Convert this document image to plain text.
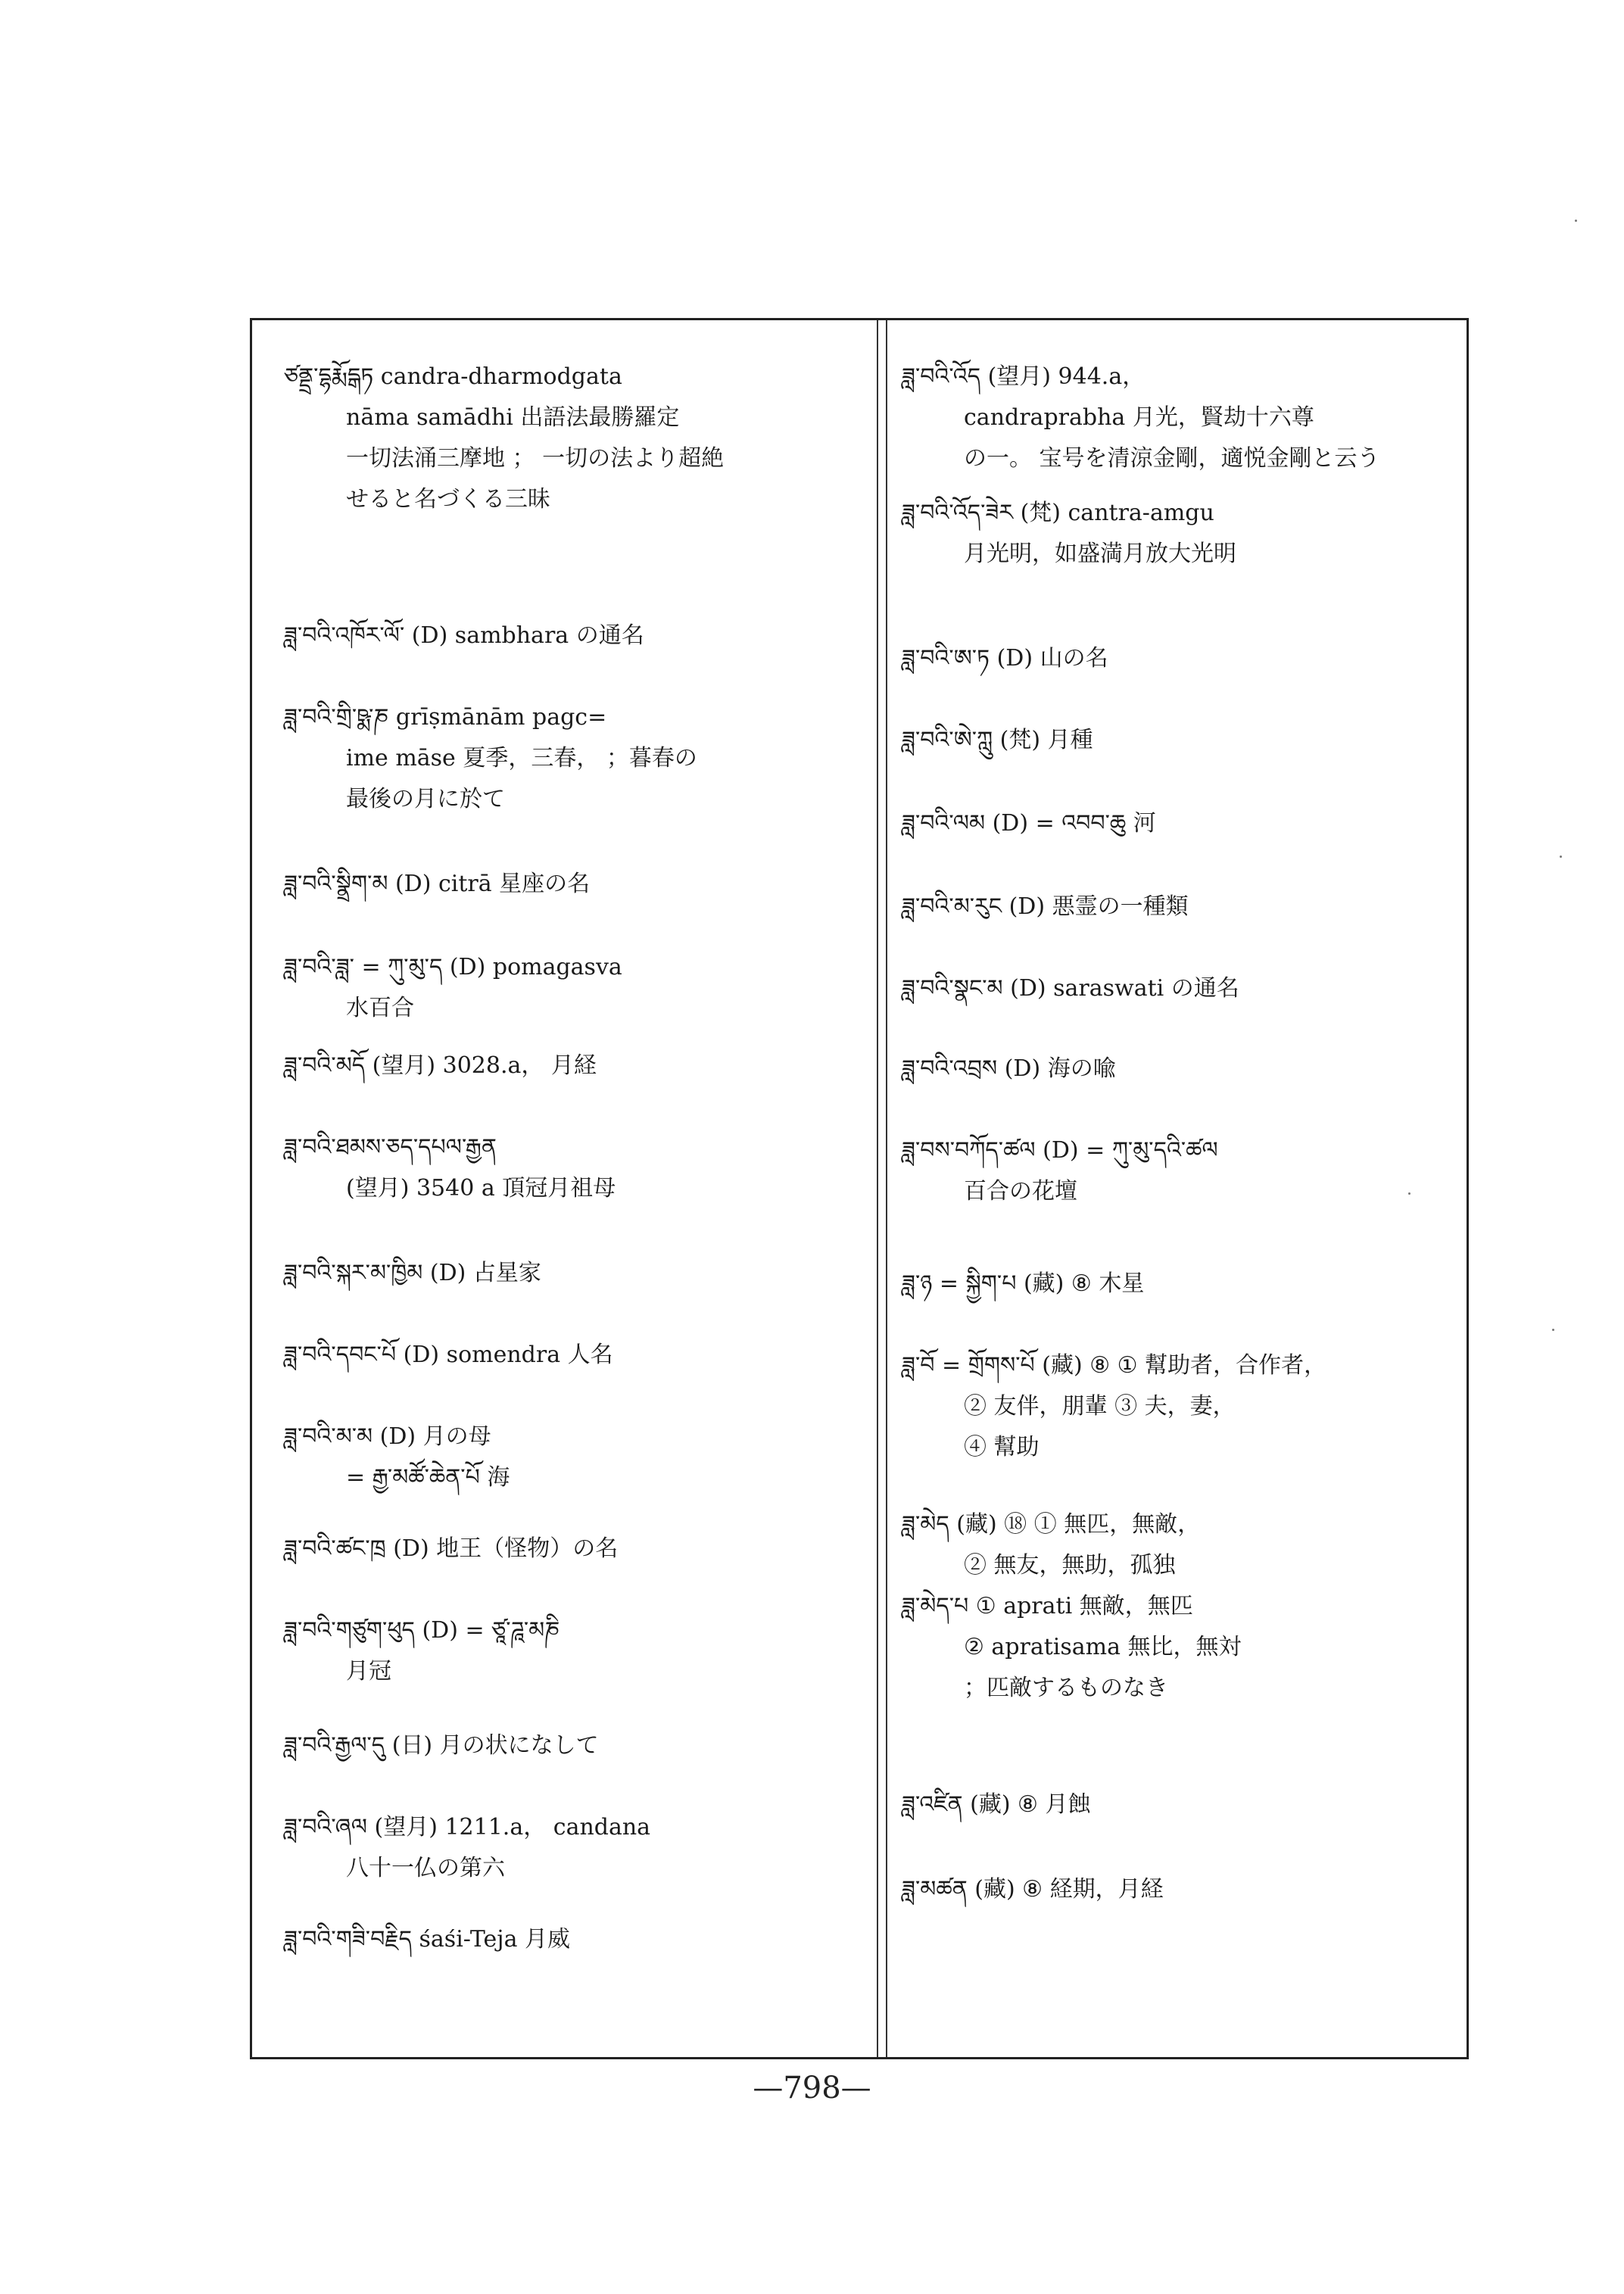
ཙནྡྲ་དྷརྨོདྒཏ candra-dharmodgata
nāma samādhi 出語法最勝羅定
一切法涌三摩地 ； 一切の法より超絶
せると名づくる三昧
ཟླ་བའི་འཁོར་ལོ་ (D) sambhara の通名
ཟླ་བའི་གྲི་ཥྨ་ཎ grīṣmānām pagc=
ime māse 夏季，三春， ；暮春の
最後の月に於て
ཟླ་བའི་སྣྲིག་མ (D) citrā 星座の名
ཟླ་བའི་ཟླ་ = ཀུ་མུ་ད (D) pomagasva
水百合
ཟླ་བའི་མདོ (望月) 3028.a， 月経
ཟླ་བའི་ཐམས་ཅད་དཔལ་རྒྱན
(望月) 3540 a 頂冠月祖母
ཟླ་བའི་སྐར་མ་ཁྱིམ (D) 占星家
ཟླ་བའི་དབང་པོ (D) somendra 人名
ཟླ་བའི་མ་མ (D) 月の母
= རྒྱ་མཚོ་ཆེན་པོ 海
ཟླ་བའི་ཚང་ཁྲ (D) 地王（怪物）の名
ཟླ་བའི་གཙུག་ཕུད (D) = ཙཱ་ཌཱ་མཎི
月冠
ཟླ་བའི་རྒྱལ་དུ (日) 月の状になして
ཟླ་བའི་ཞལ (望月) 1211.a， candana
八十一仏の第六
ཟླ་བའི་གཟི་བརྗིད śaśi-Teja 月威
ཟླ་བའི་འོད (望月) 944.a，
candraprabha 月光，賢劫十六尊
の一。 宝号を清涼金剛，適悦金剛と云う
ཟླ་བའི་འོད་ཟེར (梵) cantra-amgu
月光明，如盛満月放大光明
ཟླ་བའི་ཨ་ཏ (D) 山の名
ཟླ་བའི་ཨེ་ཀླུ (梵) 月種
ཟླ་བའི་ལམ (D) = འབབ་ཆུ 河
ཟླ་བའི་མ་རུང (D) 悪霊の一種類
ཟླ་བའི་སྣང་མ (D) saraswati の通名
ཟླ་བའི་འབྲས (D) 海の喩
ཟླ་བས་བཀོད་ཚལ (D) = ཀུ་མུ་དའི་ཚལ
百合の花壇
ཟླ་ཉ = སྐྱིག་པ (藏) ⑧ 木星
ཟླ་བོ = གྲོགས་པོ (藏) ⑧ ① 幫助者，合作者，
② 友伴，朋輩 ③ 夫，妻，
④ 幫助
ཟླ་མེད (藏) ⑱ ① 無匹，無敵，
② 無友，無助，孤独
ཟླ་མེད་པ ① aprati 無敵，無匹
② apratisama 無比，無対
；匹敵するものなき
ཟླ་འཛིན (藏) ⑧ 月蝕
ཟླ་མཚན (藏) ⑧ 経期，月経
—798—
